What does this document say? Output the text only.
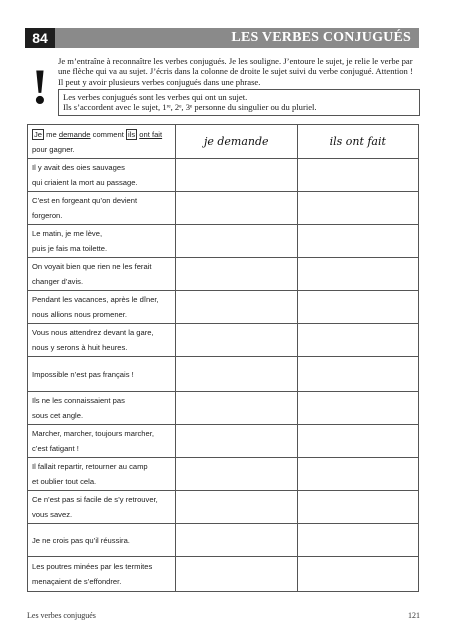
84	LES VERBES CONJUGUÉS
! Je m’entraîne à reconnaître les verbes conjugués. Je les souligne. J’entoure le sujet, je relie le verbe par une flèche qui va au sujet. J’écris dans la colonne de droite le sujet suivi du verbe conjugué. Attention ! Il peut y avoir plusieurs verbes conjugués dans une phrase.

Les verbes conjugués sont les verbes qui ont un sujet.
Ils s’accordent avec le sujet, 1ʳᵉ, 2ᵉ, 3ᵉ personne du singulier ou du pluriel.
Je me demande comment ils ont fait
pour gagner.	je demande	ils ont fait

Il y avait des oies sauvages
qui criaient la mort au passage.		

C’est en forgeant qu’on devient
forgeron.		

Le matin, je me lève,
puis je fais ma toilette.		

On voyait bien que rien ne les ferait
changer d’avis.		

Pendant les vacances, après le dîner,
nous allions nous promener.		

Vous nous attendrez devant la gare,
nous y serons à huit heures.		

Impossible n’est pas français !		

Ils ne les connaissaient pas
sous cet angle.		

Marcher, marcher, toujours marcher,
c’est fatigant !		

Il fallait repartir, retourner au camp
et oublier tout cela.		

Ce n’est pas si facile de s’y retrouver,
vous savez.		

Je ne crois pas qu’il réussira.		

Les poutres minées par les termites
menaçaient de s’effondrer.		

Les verbes conjugués	121
